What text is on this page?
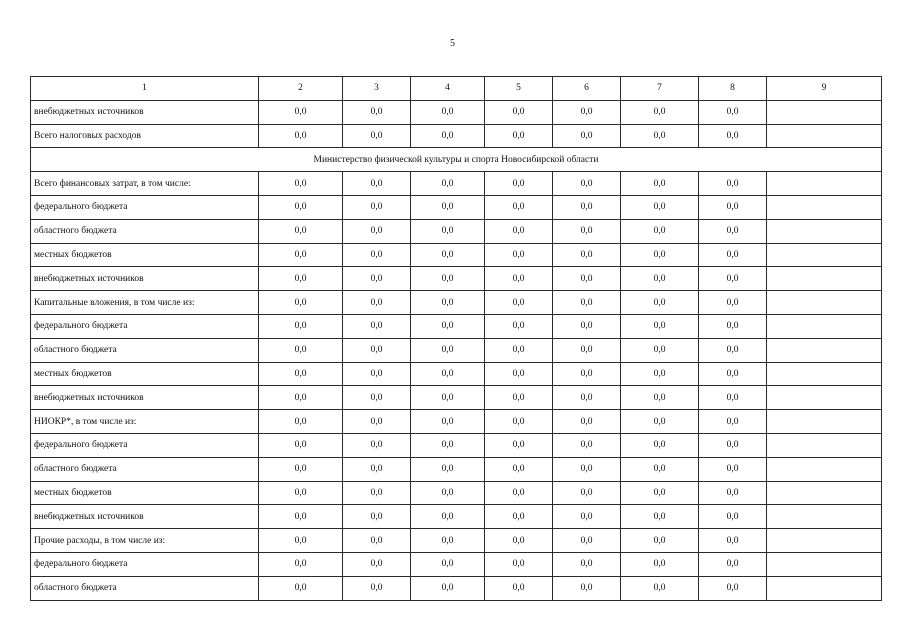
5
1	2	3	4	5	6	7	8	9
внебюджетных источников	0,0	0,0	0,0	0,0	0,0	0,0	0,0	
Всего налоговых расходов	0,0	0,0	0,0	0,0	0,0	0,0	0,0	
Министерство физической культуры и спорта Новосибирской области								
Всего финансовых затрат, в том числе:	0,0	0,0	0,0	0,0	0,0	0,0	0,0	
федерального бюджета	0,0	0,0	0,0	0,0	0,0	0,0	0,0	
областного бюджета	0,0	0,0	0,0	0,0	0,0	0,0	0,0	
местных бюджетов	0,0	0,0	0,0	0,0	0,0	0,0	0,0	
внебюджетных источников	0,0	0,0	0,0	0,0	0,0	0,0	0,0	
Капитальные вложения, в том числе из:	0,0	0,0	0,0	0,0	0,0	0,0	0,0	
федерального бюджета	0,0	0,0	0,0	0,0	0,0	0,0	0,0	
областного бюджета	0,0	0,0	0,0	0,0	0,0	0,0	0,0	
местных бюджетов	0,0	0,0	0,0	0,0	0,0	0,0	0,0	
внебюджетных источников	0,0	0,0	0,0	0,0	0,0	0,0	0,0	
НИОКР*, в том числе из:	0,0	0,0	0,0	0,0	0,0	0,0	0,0	
федерального бюджета	0,0	0,0	0,0	0,0	0,0	0,0	0,0	
областного бюджета	0,0	0,0	0,0	0,0	0,0	0,0	0,0	
местных бюджетов	0,0	0,0	0,0	0,0	0,0	0,0	0,0	
внебюджетных источников	0,0	0,0	0,0	0,0	0,0	0,0	0,0	
Прочие расходы, в том числе из:	0,0	0,0	0,0	0,0	0,0	0,0	0,0	
федерального бюджета	0,0	0,0	0,0	0,0	0,0	0,0	0,0	
областного бюджета	0,0	0,0	0,0	0,0	0,0	0,0	0,0	
